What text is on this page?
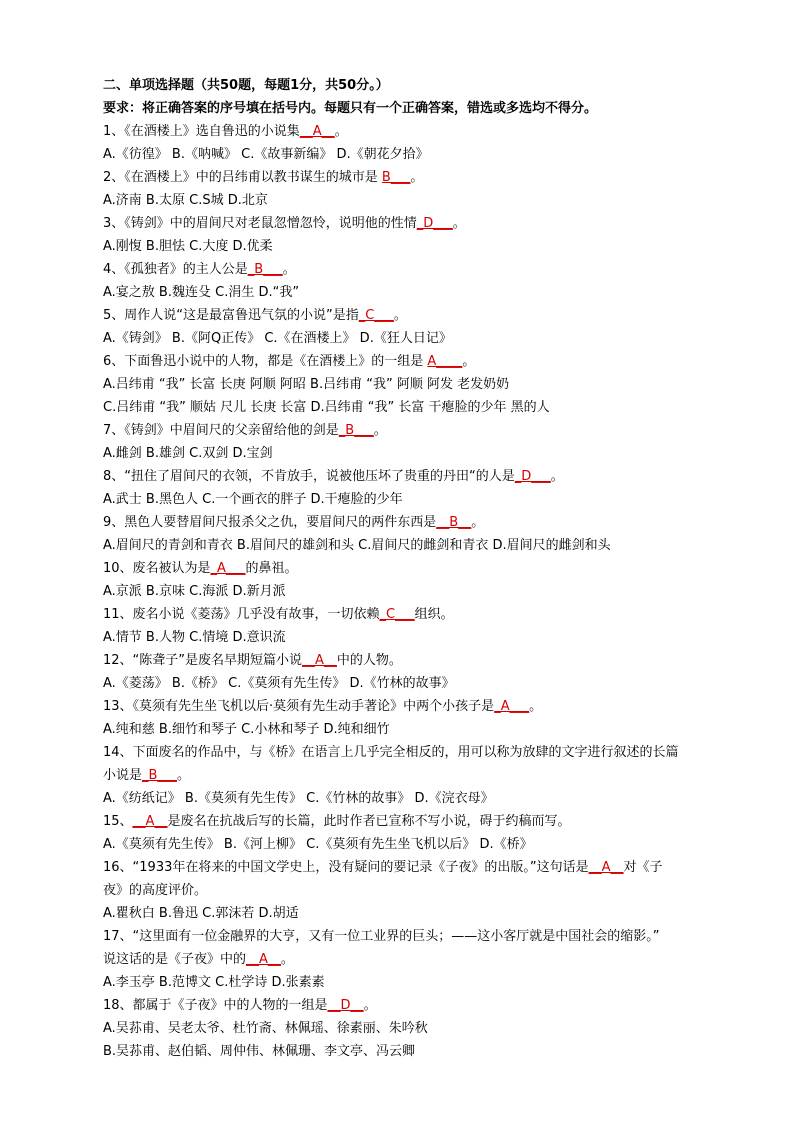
二、单项选择题（共50题，每题1分，共50分。）
要求：将正确答案的序号填在括号内。每题只有一个正确答案，错选或多选均不得分。
1、《在酒楼上》选自鲁迅的小说集__A__。
A.《彷徨》 B.《呐喊》 C.《故事新编》 D.《朝花夕拾》
2、《在酒楼上》中的吕纬甫以教书谋生的城市是 B___。
A.济南 B.太原 C.S城 D.北京
3、《铸剑》中的眉间尺对老鼠忽憎忽怜，说明他的性情_D___。
A.刚愎 B.胆怯 C.大度 D.优柔
4、《孤独者》的主人公是_B___。
A.宴之敖 B.魏连殳 C.涓生 D.“我”
5、周作人说“这是最富鲁迅气氛的小说”是指_C___。
A.《铸剑》 B.《阿Q正传》 C.《在酒楼上》 D.《狂人日记》
6、下面鲁迅小说中的人物，都是《在酒楼上》的一组是 A____。
A.吕纬甫 “我” 长富 长庚 阿顺 阿昭 B.吕纬甫 “我” 阿顺 阿发 老发奶奶
C.吕纬甫 “我” 顺姑 尺儿 长庚 长富 D.吕纬甫 “我” 长富 干瘪脸的少年 黑的人
7、《铸剑》中眉间尺的父亲留给他的剑是_B___。
A.雌剑 B.雄剑 C.双剑 D.宝剑
8、“扭住了眉间尺的衣领，不肯放手，说被他压坏了贵重的丹田“的人是_D___。
A.武士 B.黑色人 C.一个画衣的胖子 D.干瘪脸的少年
9、黑色人要替眉间尺报杀父之仇，要眉间尺的两件东西是__B__。
A.眉间尺的青剑和青衣 B.眉间尺的雄剑和头 C.眉间尺的雌剑和青衣 D.眉间尺的雌剑和头
10、废名被认为是_A___的鼻祖。
A.京派 B.京味 C.海派 D.新月派
11、废名小说《菱荡》几乎没有故事，一切依赖_C___组织。
A.情节 B.人物 C.情境 D.意识流
12、“陈聋子”是废名早期短篇小说__A__中的人物。
A.《菱荡》 B.《桥》 C.《莫须有先生传》 D.《竹林的故事》
13、《莫须有先生坐飞机以后·莫须有先生动手著论》中两个小孩子是_A___。
A.纯和慈 B.细竹和琴子 C.小林和琴子 D.纯和细竹
14、下面废名的作品中，与《桥》在语言上几乎完全相反的，用可以称为放肆的文字进行叙述的长篇
小说是_B___。
A.《纺纸记》 B.《莫须有先生传》 C.《竹林的故事》 D.《浣衣母》
15、__A__是废名在抗战后写的长篇，此时作者已宣称不写小说，碍于约稿而写。
A.《莫须有先生传》 B.《河上柳》 C.《莫须有先生坐飞机以后》 D.《桥》
16、“1933年在将来的中国文学史上，没有疑问的要记录《子夜》的出版。”这句话是__A__对《子
夜》的高度评价。
A.瞿秋白 B.鲁迅 C.郭沫若 D.胡适
17、“这里面有一位金融界的大亨，又有一位工业界的巨头；——这小客厅就是中国社会的缩影。”
说这话的是《子夜》中的__A__。
A.李玉亭 B.范博文 C.杜学诗 D.张素素
18、都属于《子夜》中的人物的一组是__D__。
A.吴荪甫、吴老太爷、杜竹斋、林佩瑶、徐素丽、朱吟秋
B.吴荪甫、赵伯韬、周仲伟、林佩珊、李文亭、冯云卿
